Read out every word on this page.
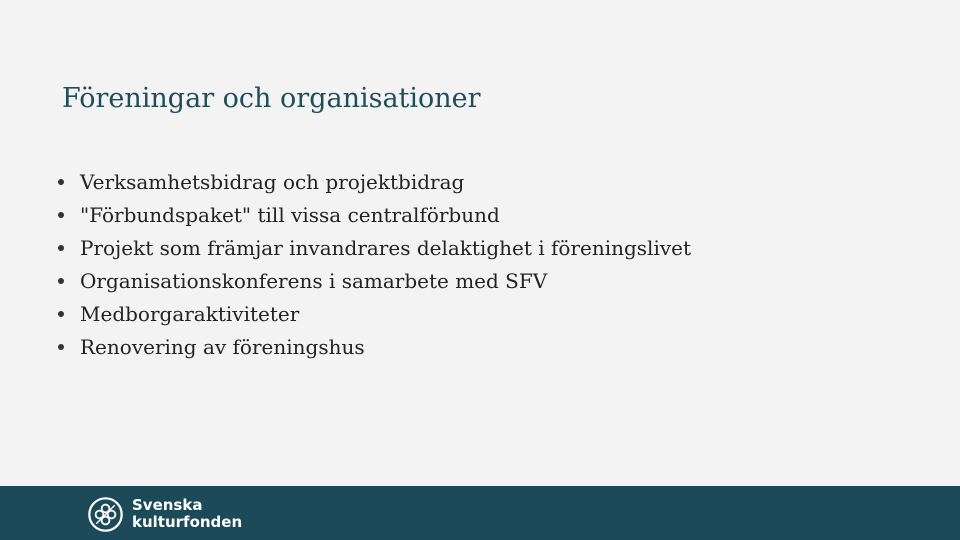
Föreningar och organisationer
Verksamhetsbidrag och projektbidrag
"Förbundspaket" till vissa centralförbund
Projekt som främjar invandrares delaktighet i föreningslivet
Organisationskonferens i samarbete med SFV
Medborgaraktiviteter
Renovering av föreningshus
Svenska
kulturfonden
